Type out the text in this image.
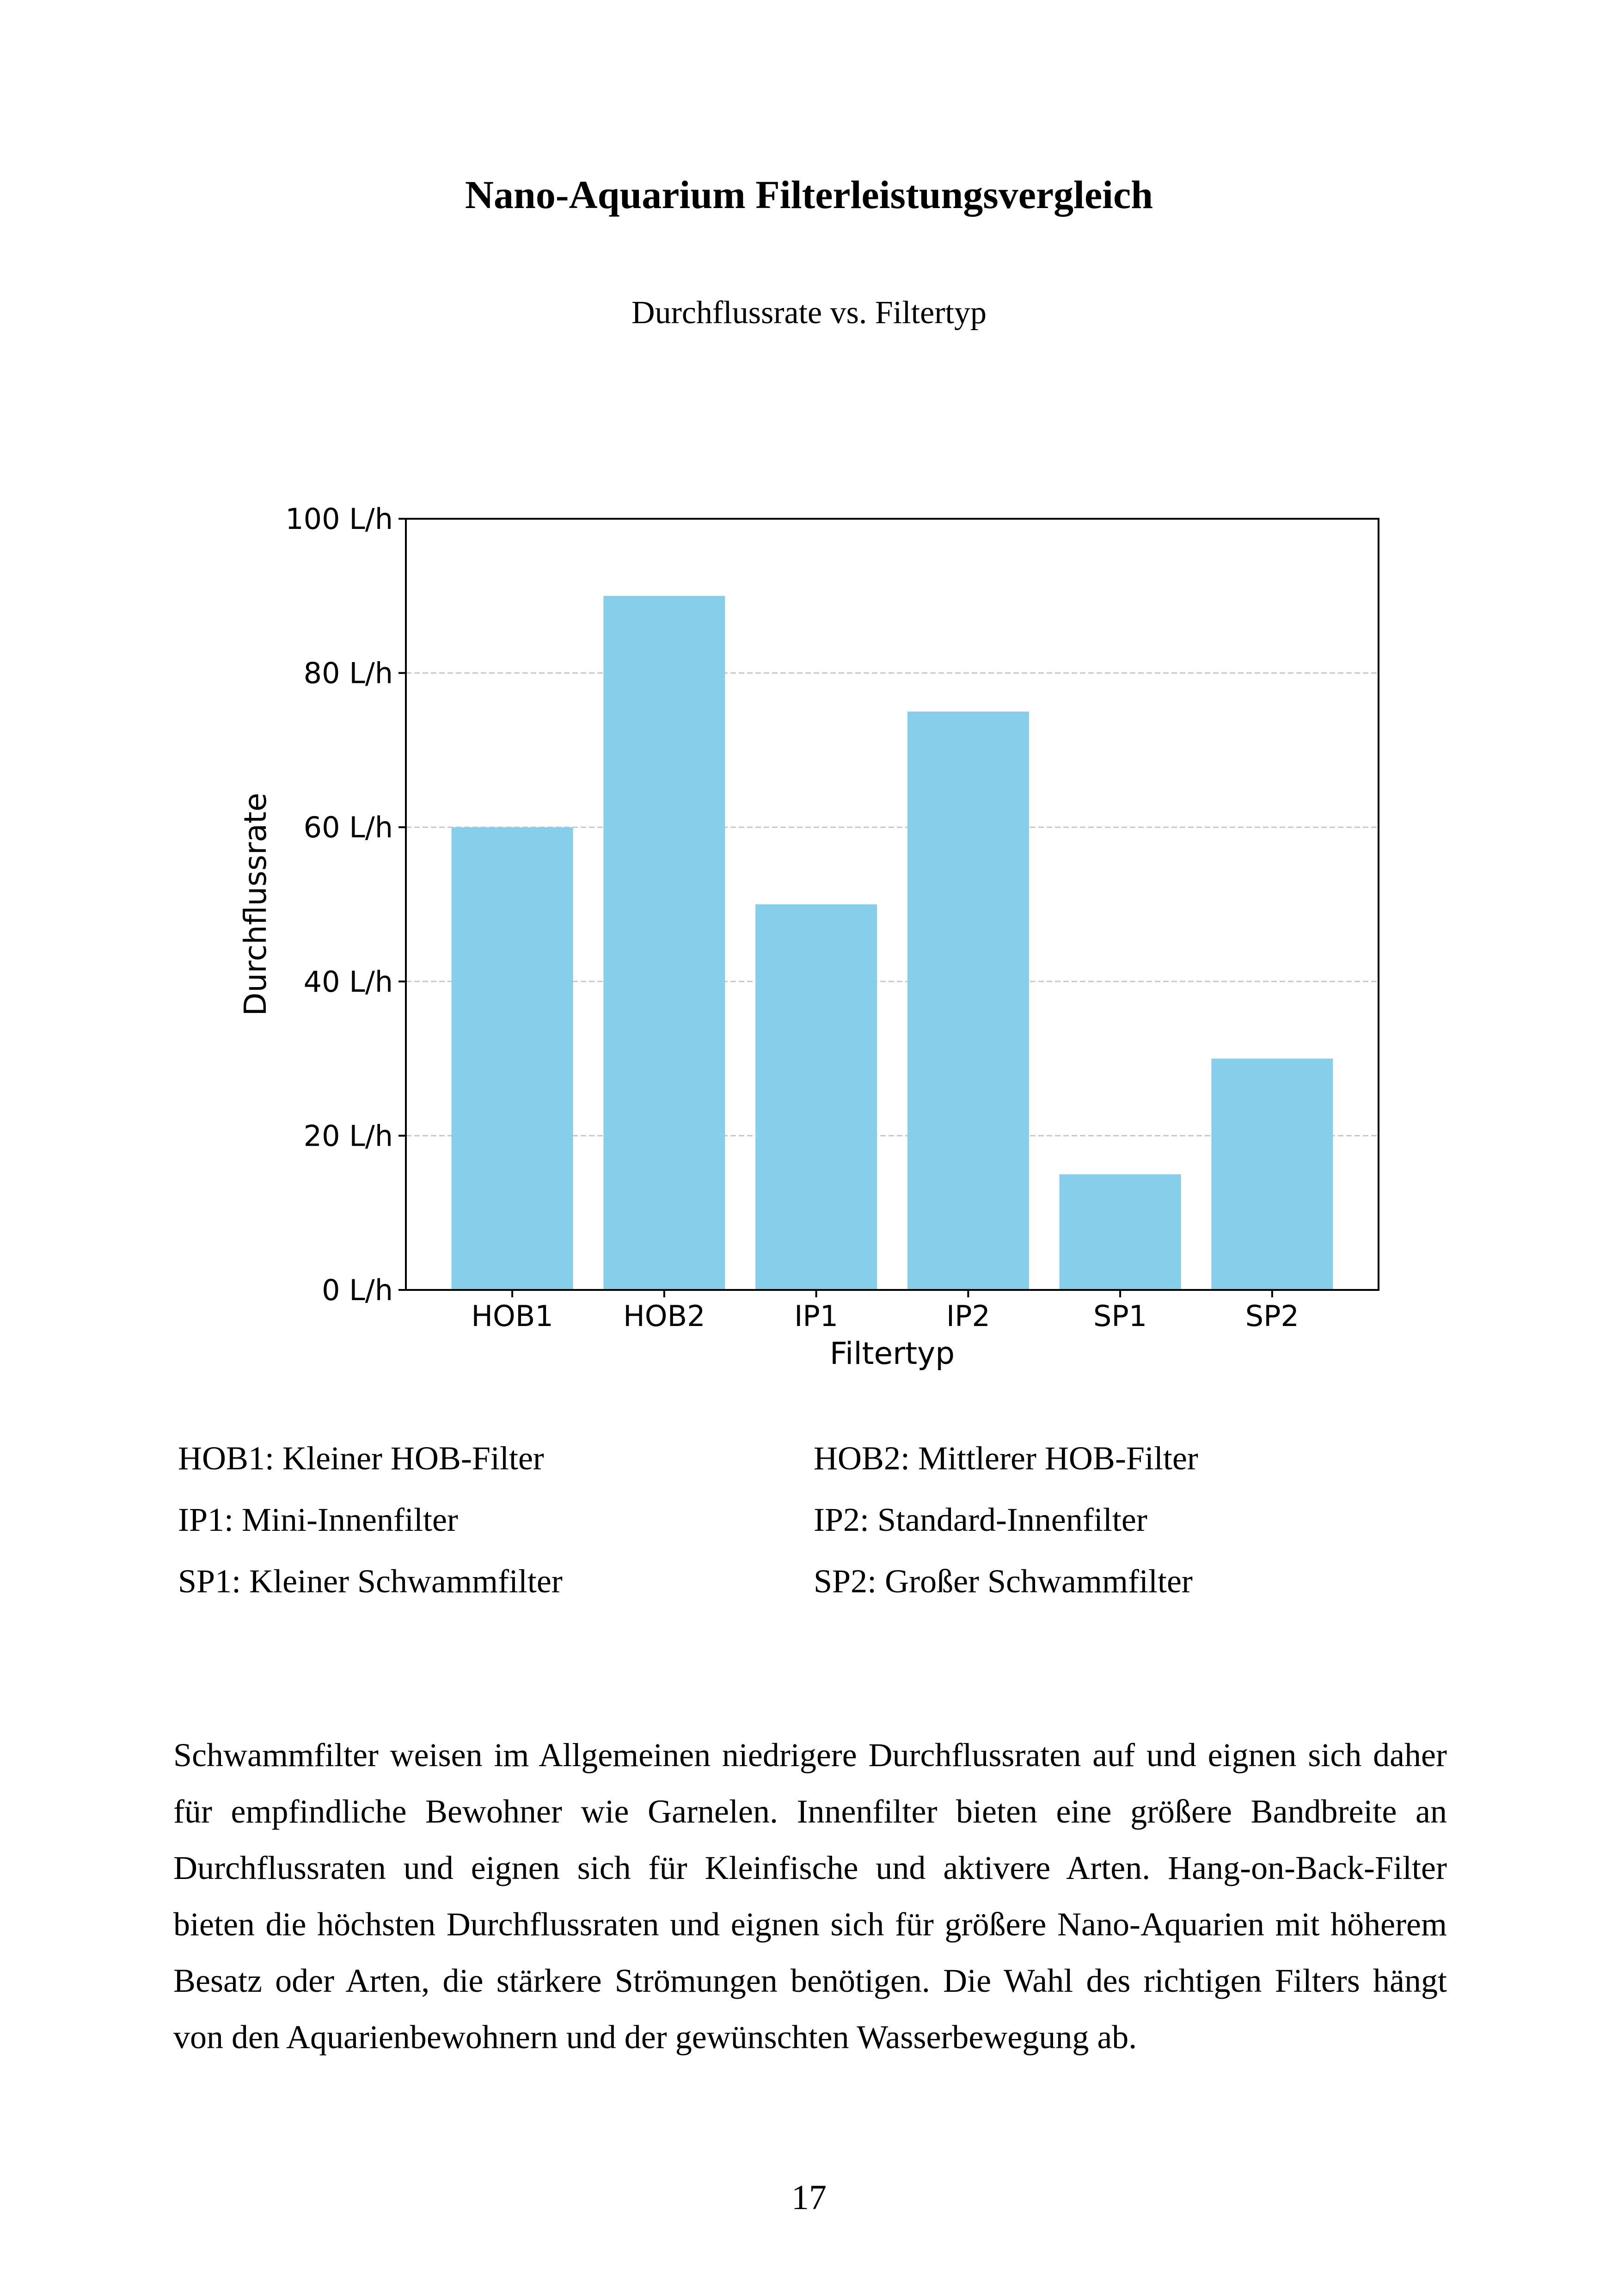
Nano-Aquarium Filterleistungsvergleich
Durchflussrate vs. Filtertyp
0 L/h
20 L/h
40 L/h
60 L/h
80 L/h
100 L/h
HOB1 HOB2	IP1	IP2	SP1	SP2
Filtertyp
Durchflussrate
HOB1: Kleiner HOB-Filter	HOB2: Mittlerer HOB-Filter
IP1: Mini-Innenfilter	IP2: Standard-Innenfilter
SP1: Kleiner Schwammfilter	SP2: Großer Schwammfilter

Schwammfilter weisen im Allgemeinen niedrigere Durchflussraten auf und eignen sich daher für empfindliche Bewohner wie Garnelen. Innenfilter bieten eine größere Bandbreite an Durchflussraten und eignen sich für Kleinfische und aktivere Arten. Hang-on-Back-Filter bieten die höchsten Durchflussraten und eignen sich für größere Nano-Aquarien mit höherem Besatz oder Arten, die stärkere Strömungen benötigen. Die Wahl des richtigen Filters hängt von den Aquarienbewohnern und der gewünschten Wasserbewegung ab.

17
